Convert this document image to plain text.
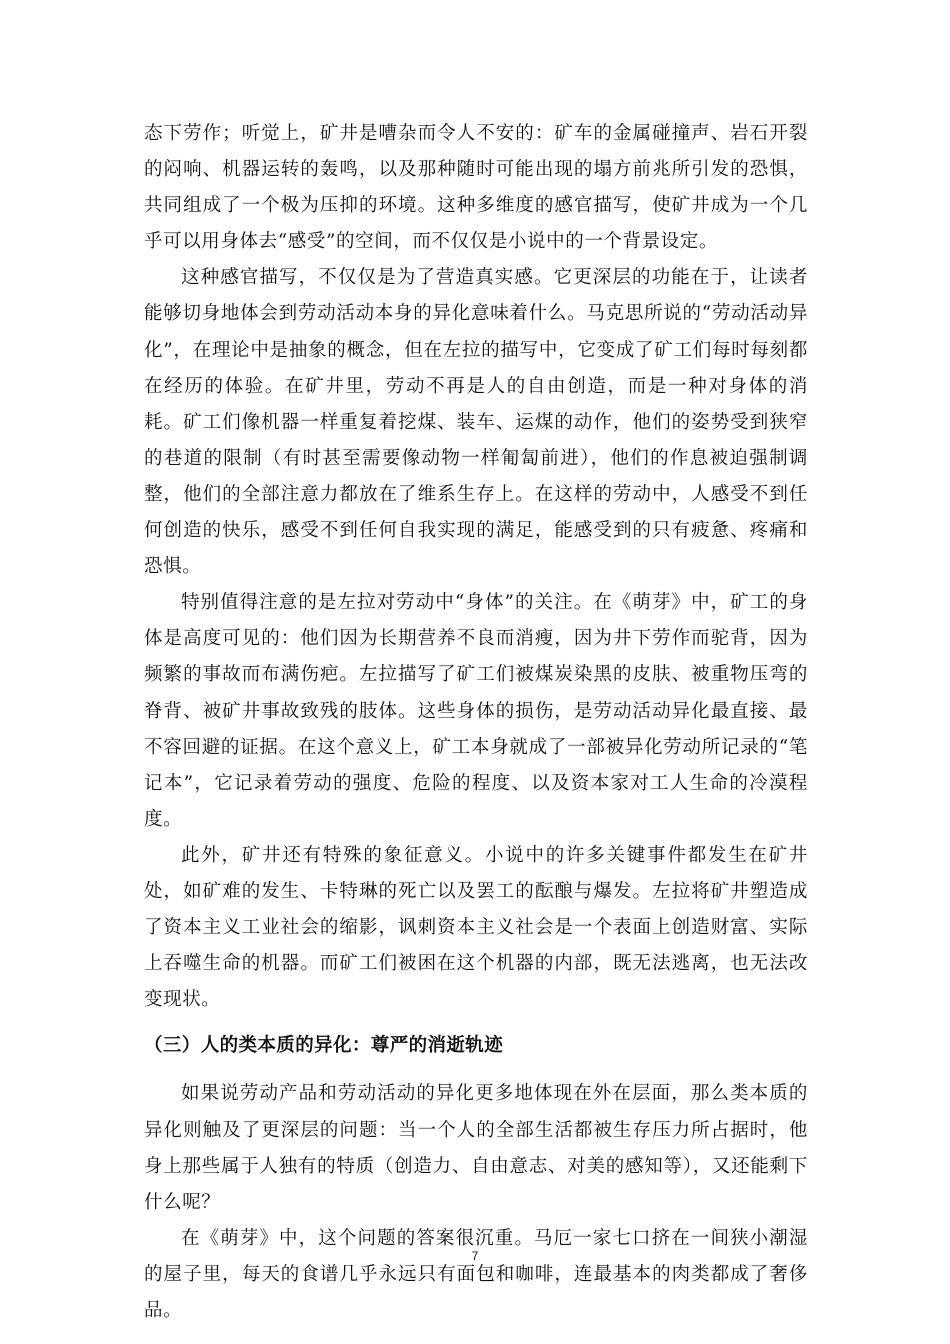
态下劳作；听觉上，矿井是嘈杂而令人不安的：矿车的金属碰撞声、岩石开裂的闷响、机器运转的轰鸣，以及那种随时可能出现的塌方前兆所引发的恐惧，共同组成了一个极为压抑的环境。这种多维度的感官描写，使矿井成为一个几乎可以用身体去“感受”的空间，而不仅仅是小说中的一个背景设定。

这种感官描写，不仅仅是为了营造真实感。它更深层的功能在于，让读者能够切身地体会到劳动活动本身的异化意味着什么。马克思所说的“劳动活动异化”，在理论中是抽象的概念，但在左拉的描写中，它变成了矿工们每时每刻都在经历的体验。在矿井里，劳动不再是人的自由创造，而是一种对身体的消耗。矿工们像机器一样重复着挖煤、装车、运煤的动作，他们的姿势受到狭窄的巷道的限制（有时甚至需要像动物一样匍匐前进），他们的作息被迫强制调整，他们的全部注意力都放在了维系生存上。在这样的劳动中，人感受不到任何创造的快乐，感受不到任何自我实现的满足，能感受到的只有疲惫、疼痛和恐惧。

特别值得注意的是左拉对劳动中“身体”的关注。在《萌芽》中，矿工的身体是高度可见的：他们因为长期营养不良而消瘦，因为井下劳作而驼背，因为频繁的事故而布满伤疤。左拉描写了矿工们被煤炭染黑的皮肤、被重物压弯的脊背、被矿井事故致残的肢体。这些身体的损伤，是劳动活动异化最直接、最不容回避的证据。在这个意义上，矿工本身就成了一部被异化劳动所记录的“笔记本”，它记录着劳动的强度、危险的程度、以及资本家对工人生命的冷漠程度。

此外，矿井还有特殊的象征意义。小说中的许多关键事件都发生在矿井处，如矿难的发生、卡特琳的死亡以及罢工的酝酿与爆发。左拉将矿井塑造成了资本主义工业社会的缩影，讽刺资本主义社会是一个表面上创造财富、实际上吞噬生命的机器。而矿工们被困在这个机器的内部，既无法逃离，也无法改变现状。

（三）人的类本质的异化：尊严的消逝轨迹

如果说劳动产品和劳动活动的异化更多地体现在外在层面，那么类本质的异化则触及了更深层的问题：当一个人的全部生活都被生存压力所占据时，他身上那些属于人独有的特质（创造力、自由意志、对美的感知等），又还能剩下什么呢？

在《萌芽》中，这个问题的答案很沉重。马厄一家七口挤在一间狭小潮湿的屋子里，每天的食谱几乎永远只有面包和咖啡，连最基本的肉类都成了奢侈品。

7
